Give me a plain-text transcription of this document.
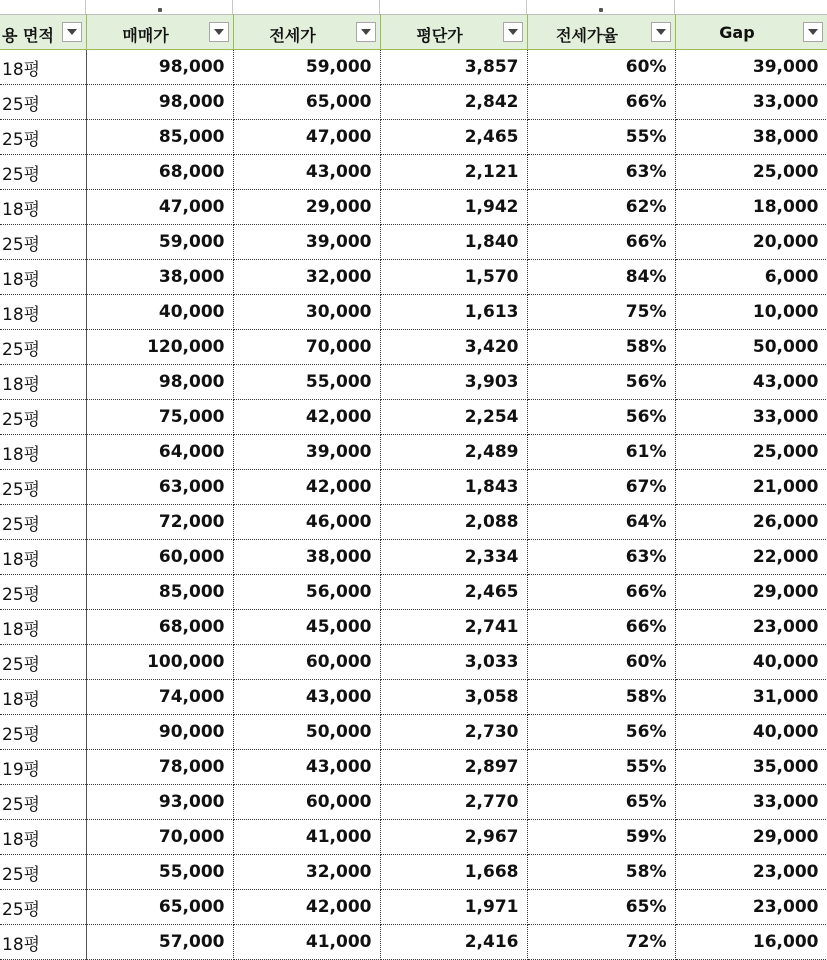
용 면적	매매가	전세가	평단가	전세가율	Gap

18평	98,000	59,000	3,857	60%	39,000
25평	98,000	65,000	2,842	66%	33,000
25평	85,000	47,000	2,465	55%	38,000
25평	68,000	43,000	2,121	63%	25,000
18평	47,000	29,000	1,942	62%	18,000
25평	59,000	39,000	1,840	66%	20,000
18평	38,000	32,000	1,570	84%	6,000
18평	40,000	30,000	1,613	75%	10,000
25평	120,000	70,000	3,420	58%	50,000
18평	98,000	55,000	3,903	56%	43,000
25평	75,000	42,000	2,254	56%	33,000
18평	64,000	39,000	2,489	61%	25,000
25평	63,000	42,000	1,843	67%	21,000
25평	72,000	46,000	2,088	64%	26,000
18평	60,000	38,000	2,334	63%	22,000
25평	85,000	56,000	2,465	66%	29,000
18평	68,000	45,000	2,741	66%	23,000
25평	100,000	60,000	3,033	60%	40,000
18평	74,000	43,000	3,058	58%	31,000
25평	90,000	50,000	2,730	56%	40,000
19평	78,000	43,000	2,897	55%	35,000
25평	93,000	60,000	2,770	65%	33,000
18평	70,000	41,000	2,967	59%	29,000
25평	55,000	32,000	1,668	58%	23,000
25평	65,000	42,000	1,971	65%	23,000
18평	57,000	41,000	2,416	72%	16,000
